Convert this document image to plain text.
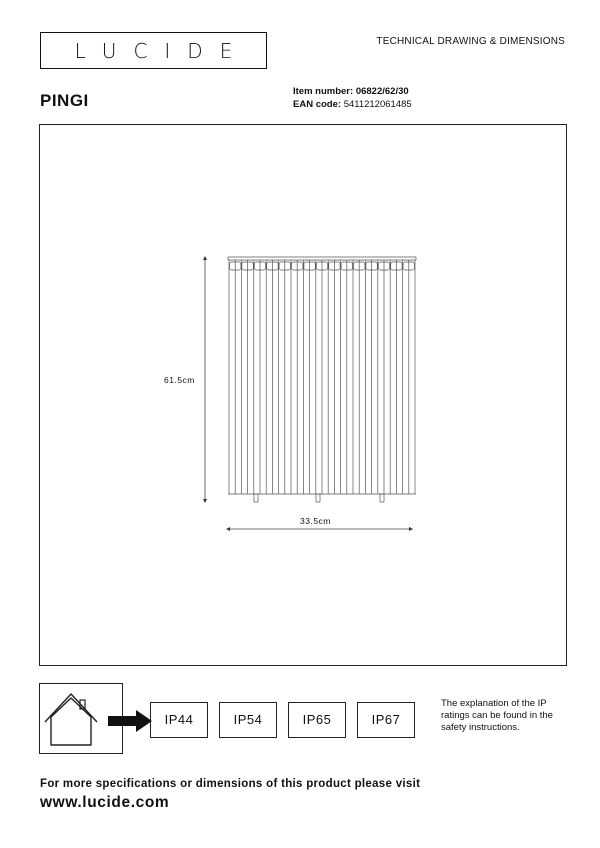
LUCIDE	TECHNICAL DRAWING & DIMENSIONS
PINGI	Item number: 06822/62/30
EAN code: 5411212061485
61.5cm
33.5cm
IP44	IP54	IP65	IP67
The explanation of the IP ratings can be found in the safety instructions.
For more specifications or dimensions of this product please visit
www.lucide.com
